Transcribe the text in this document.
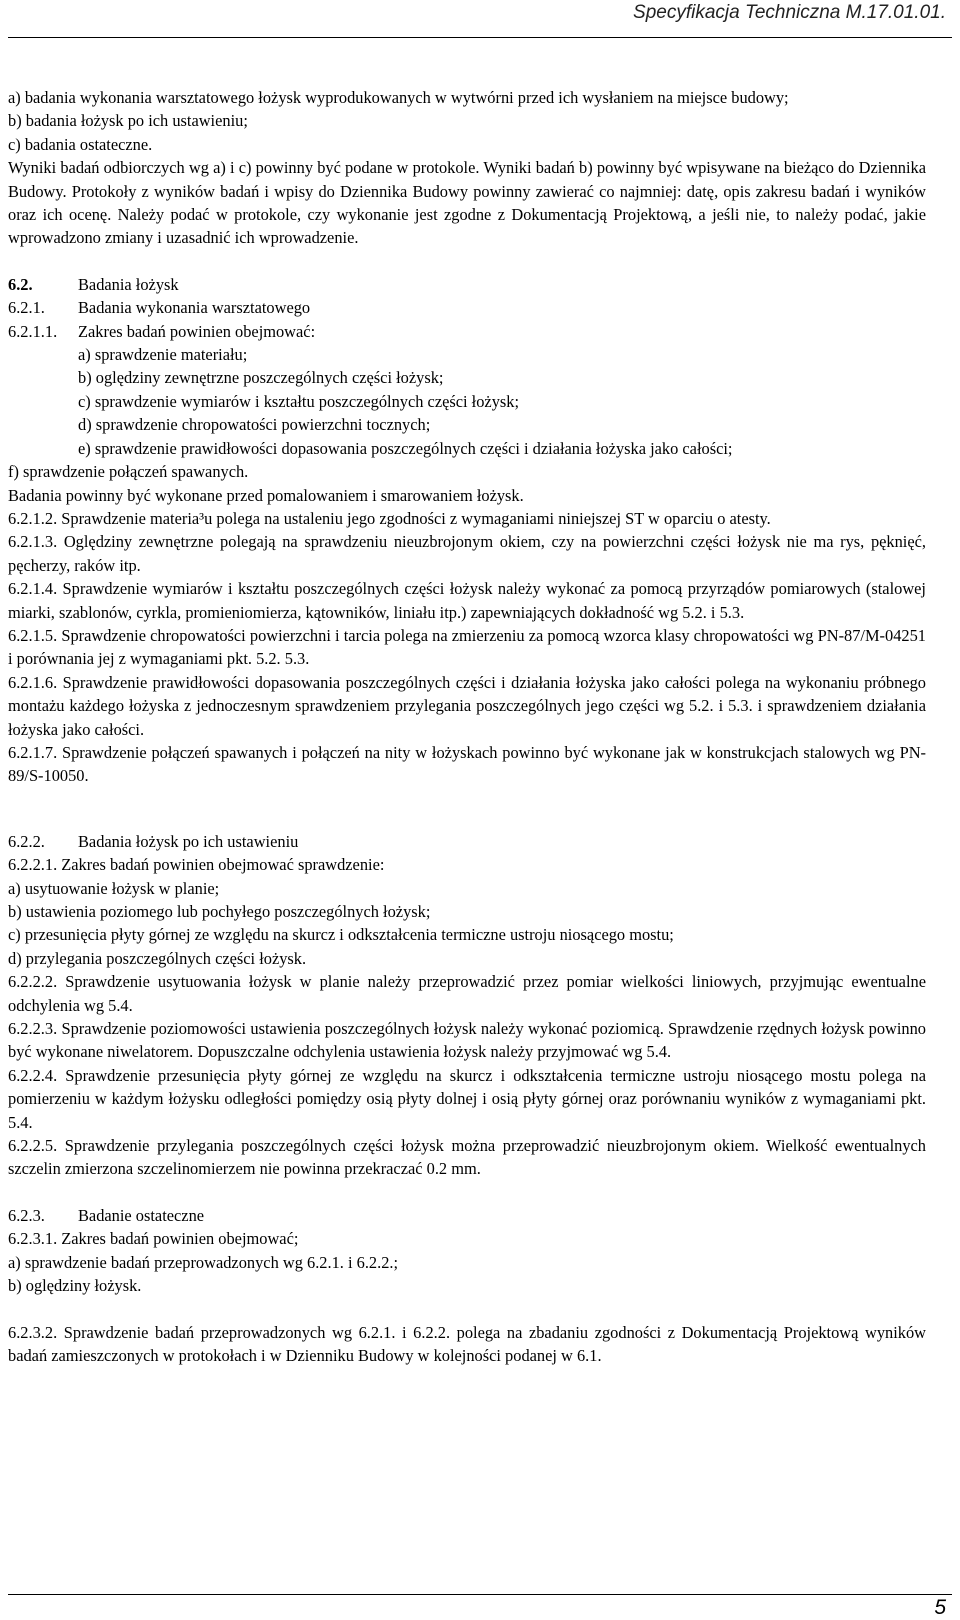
Specyfikacja Techniczna M.17.01.01.

a) badania wykonania warsztatowego łożysk wyprodukowanych w wytwórni przed ich wysłaniem na miejsce budowy;

b) badania łożysk po ich ustawieniu;

c) badania ostateczne.

Wyniki badań odbiorczych wg a) i c) powinny być podane w protokole. Wyniki badań b) powinny być wpisywane na bieżąco do Dziennika Budowy. Protokoły z wyników badań i wpisy do Dziennika Budowy powinny zawierać co najmniej: datę, opis zakresu badań i wyników oraz ich ocenę. Należy podać w protokole, czy wykonanie jest zgodne z Dokumentacją Projektową, a jeśli nie, to należy podać, jakie wprowadzono zmiany i uzasadnić ich wprowadzenie.

6.2.	Badania łożysk
6.2.1.	Badania wykonania warsztatowego
6.2.1.1.	Zakres badań powinien obejmować:

a) sprawdzenie materiału;

b) oględziny zewnętrzne poszczególnych części łożysk;

c) sprawdzenie wymiarów i kształtu poszczególnych części łożysk;

d) sprawdzenie chropowatości powierzchni tocznych;

e) sprawdzenie prawidłowości dopasowania poszczególnych części i działania łożyska jako całości;

f) sprawdzenie połączeń spawanych.

Badania powinny być wykonane przed pomalowaniem i smarowaniem łożysk.

6.2.1.2. Sprawdzenie materia³u polega na ustaleniu jego zgodności z wymaganiami niniejszej ST w oparciu o atesty.

6.2.1.3. Oględziny zewnętrzne polegają na sprawdzeniu nieuzbrojonym okiem, czy na powierzchni części łożysk nie ma rys, pęknięć, pęcherzy, raków itp.

6.2.1.4. Sprawdzenie wymiarów i kształtu poszczególnych części łożysk należy wykonać za pomocą przyrządów pomiarowych (stalowej miarki, szablonów, cyrkla, promieniomierza, kątowników, liniału itp.) zapewniających dokładność wg 5.2. i 5.3.

6.2.1.5. Sprawdzenie chropowatości powierzchni i tarcia polega na zmierzeniu za pomocą wzorca klasy chropowatości wg PN-87/M-04251 i porównania jej z wymaganiami pkt. 5.2. 5.3.

6.2.1.6. Sprawdzenie prawidłowości dopasowania poszczególnych części i działania łożyska jako całości polega na wykonaniu próbnego montażu każdego łożyska z jednoczesnym sprawdzeniem przylegania poszczególnych jego części wg 5.2. i 5.3. i sprawdzeniem działania łożyska jako całości.

6.2.1.7. Sprawdzenie połączeń spawanych i połączeń na nity w łożyskach powinno być wykonane jak w konstrukcjach stalowych wg PN-89/S-10050.

6.2.2.	Badania łożysk po ich ustawieniu

6.2.2.1. Zakres badań powinien obejmować sprawdzenie:

a) usytuowanie łożysk w planie;

b) ustawienia poziomego lub pochyłego poszczególnych łożysk;

c) przesunięcia płyty górnej ze względu na skurcz i odkształcenia termiczne ustroju niosącego mostu;

d) przylegania poszczególnych części łożysk.

6.2.2.2. Sprawdzenie usytuowania łożysk w planie należy przeprowadzić przez pomiar wielkości liniowych, przyjmując ewentualne odchylenia wg 5.4.

6.2.2.3. Sprawdzenie poziomowości ustawienia poszczególnych łożysk należy wykonać poziomicą. Sprawdzenie rzędnych łożysk powinno być wykonane niwelatorem. Dopuszczalne odchylenia ustawienia łożysk należy przyjmować wg 5.4.

6.2.2.4. Sprawdzenie przesunięcia płyty górnej ze względu na skurcz i odkształcenia termiczne ustroju niosącego mostu polega na pomierzeniu w każdym łożysku odległości pomiędzy osią płyty dolnej i osią płyty górnej oraz porównaniu wyników z wymaganiami pkt. 5.4.

6.2.2.5. Sprawdzenie przylegania poszczególnych części łożysk można przeprowadzić nieuzbrojonym okiem. Wielkość ewentualnych szczelin zmierzona szczelinomierzem nie powinna przekraczać 0.2 mm.

6.2.3.	Badanie ostateczne

6.2.3.1. Zakres badań powinien obejmować;

a) sprawdzenie badań przeprowadzonych wg 6.2.1. i 6.2.2.;

b) oględziny łożysk.

6.2.3.2. Sprawdzenie badań przeprowadzonych wg 6.2.1. i 6.2.2. polega na zbadaniu zgodności z Dokumentacją Projektową wyników badań zamieszczonych w protokołach i w Dzienniku Budowy w kolejności podanej w 6.1.

5
